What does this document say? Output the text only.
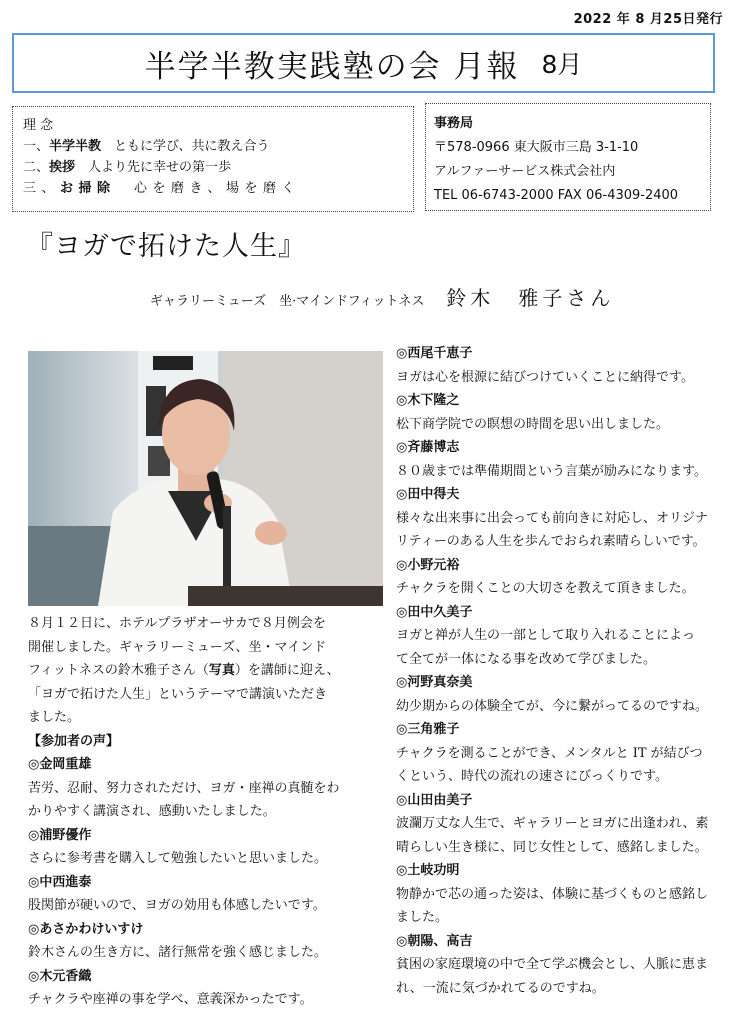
2022 年 8 月25日発行
半学半教実践塾の会 月報 8月
理 念
一、半学半教　ともに学び、共に教え合う
二、挨拶　人より先に幸せの第一歩
三、お掃除　心を磨き、場を磨く
事務局
〒578-0966 東大阪市三島 3-1-10
アルファーサービス株式会社内
TEL 06-6743-2000 FAX 06-4309-2400
『ヨガで拓けた人生』
ギャラリーミューズ　坐·マインドフィットネス 鈴木　雅子さん
８月１２日に、ホテルプラザオーサカで８月例会を
開催しました。ギャラリーミューズ、坐・マインド
フィットネスの鈴木雅子さん（写真）を講師に迎え、
「ヨガで拓けた人生」というテーマで講演いただき
ました。
【参加者の声】
◎金岡重雄
苦労、忍耐、努力されただけ、ヨガ・座禅の真髄をわ
かりやすく講演され、感動いたしました。
◎浦野優作
さらに参考書を購入して勉強したいと思いました。
◎中西進泰
股関節が硬いので、ヨガの効用も体感したいです。
◎あさかわけいすけ
鈴木さんの生き方に、諸行無常を強く感じました。
◎木元香織
チャクラや座禅の事を学べ、意義深かったです。
◎西尾千恵子
ヨガは心を根源に結びつけていくことに納得です。
◎木下隆之
松下商学院での瞑想の時間を思い出しました。
◎斉藤博志
８０歳までは準備期間という言葉が励みになります。
◎田中得夫
様々な出来事に出会っても前向きに対応し、オリジナ
リティーのある人生を歩んでおられ素晴らしいです。
◎小野元裕
チャクラを開くことの大切さを教えて頂きました。
◎田中久美子
ヨガと禅が人生の一部として取り入れることによっ
て全てが一体になる事を改めて学びました。
◎河野真奈美
幼少期からの体験全てが、今に繋がってるのですね。
◎三角雅子
チャクラを測ることができ、メンタルと IT が結びつ
くという、時代の流れの速さにびっくりです。
◎山田由美子
波瀾万丈な人生で、ギャラリーとヨガに出逢われ、素
晴らしい生き様に、同じ女性として、感銘しました。
◎土岐功明
物静かで芯の通った姿は、体験に基づくものと感銘し
ました。
◎朝陽、高吉
貧困の家庭環境の中で全て学ぶ機会とし、人脈に恵ま
れ、一流に気づかれてるのですね。
